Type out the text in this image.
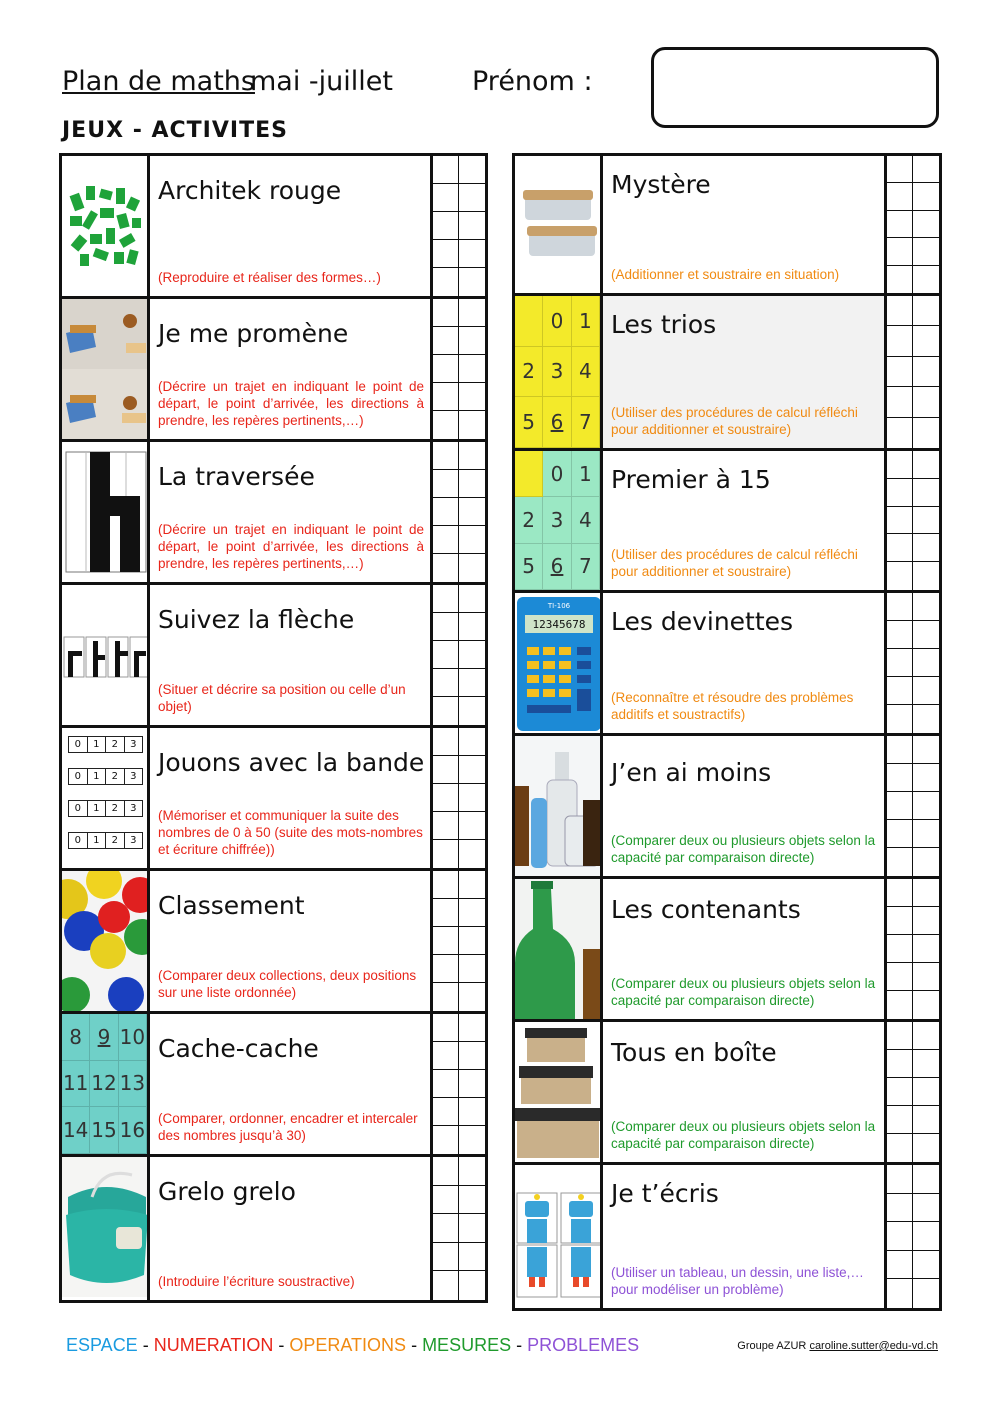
Plan de maths
mai -juillet	Prénom :
JEUX - ACTIVITES
Architek rouge
(Reproduire et réaliser des formes…)
Je me promène
(Décrire un trajet en indiquant le point de départ, le point d’arrivée, les directions à prendre, les repères pertinents,…)
La traversée
(Décrire un trajet en indiquant le point de départ, le point d’arrivée, les directions à prendre, les repères pertinents,…)
Suivez la flèche
(Situer et décrire sa position ou celle d’un objet)
0	1	2	3
0	1	2	3
0	1	2	3
0	1	2	3
Jouons avec la bande
(Mémoriser et communiquer la suite des nombres de 0 à 50 (suite des mots-nombres et écriture chiffrée))
Classement
(Comparer deux collections, deux positions sur une liste ordonnée)
8 9 10
11 12 13
14 15 16
Cache-cache
(Comparer, ordonner, encadrer et intercaler des nombres jusqu’à 30)
Grelo grelo
(Introduire l’écriture soustractive)
Mystère
(Additionner et soustraire en situation)
0 1
2 3 4
5 6 7
Les trios
(Utiliser des procédures de calcul réfléchi pour additionner et soustraire)
0 1
2 3 4
5 6 7
Premier à 15
(Utiliser des procédures de calcul réfléchi pour additionner et soustraire)
12345678
TI-106
Les devinettes
(Reconnaître et résoudre des problèmes additifs et soustractifs)
J’en ai moins
(Comparer deux ou plusieurs objets selon la capacité par comparaison directe)
Les contenants
(Comparer deux ou plusieurs objets selon la capacité par comparaison directe)
Tous en boîte
(Comparer deux ou plusieurs objets selon la capacité par comparaison directe)
Je t’écris
(Utiliser un tableau, un dessin, une liste,… pour modéliser un problème)
ESPACE - NUMERATION - OPERATIONS - MESURES - PROBLEMES	Groupe AZUR caroline.sutter@edu-vd.ch
